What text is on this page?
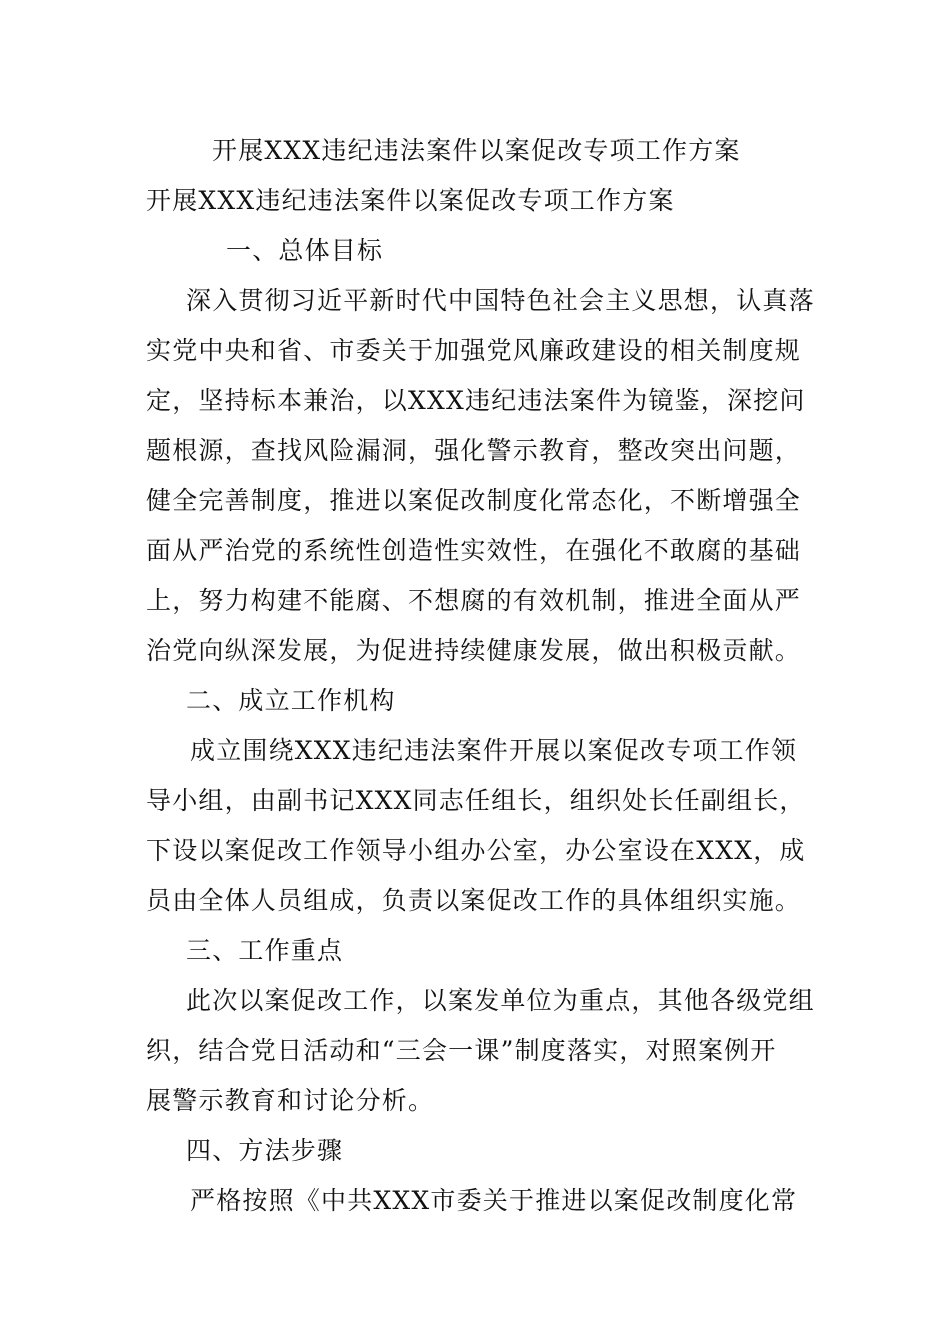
开展XXX违纪违法案件以案促改专项工作方案
开展XXX违纪违法案件以案促改专项工作方案
一、总体目标
深入贯彻习近平新时代中国特色社会主义思想，认真落
实党中央和省、市委关于加强党风廉政建设的相关制度规
定，坚持标本兼治，以XXX违纪违法案件为镜鉴，深挖问
题根源，查找风险漏洞，强化警示教育，整改突出问题，
健全完善制度，推进以案促改制度化常态化，不断增强全
面从严治党的系统性创造性实效性，在强化不敢腐的基础
上，努力构建不能腐、不想腐的有效机制，推进全面从严
治党向纵深发展，为促进持续健康发展，做出积极贡献。
二、成立工作机构
成立围绕XXX违纪违法案件开展以案促改专项工作领
导小组，由副书记XXX同志任组长，组织处长任副组长，
下设以案促改工作领导小组办公室，办公室设在XXX，成
员由全体人员组成，负责以案促改工作的具体组织实施。
三、工作重点
此次以案促改工作，以案发单位为重点，其他各级党组
织，结合党日活动和“三会一课”制度落实，对照案例开
展警示教育和讨论分析。
四、方法步骤
严格按照《中共XXX市委关于推进以案促改制度化常
